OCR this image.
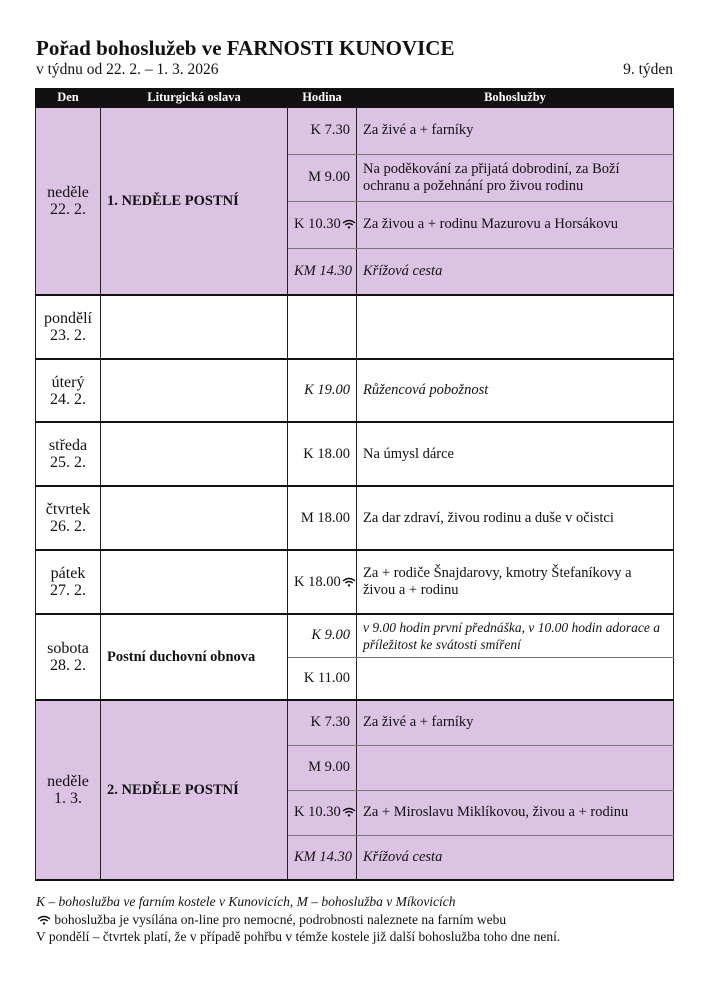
Pořad bohoslužeb ve FARNOSTI KUNOVICE
v týdnu od 22. 2. – 1. 3. 2026	9. týden
Den	Liturgická oslava	Hodina	Bohoslužby

neděle
22. 2.	1. NEDĚLE POSTNÍ	K 7.30	Za živé a + farníky
		M 9.00	Na poděkování za přijatá dobrodiní, za Boží ochranu a požehnání pro živou rodinu
		K 10.30	Za živou a + rodinu Mazurovu a Horsákovu
		KM 14.30	Křížová cesta

pondělí
23. 2.			

úterý
24. 2.		K 19.00	Růžencová pobožnost

středa
25. 2.		K 18.00	Na úmysl dárce

čtvrtek
26. 2.		M 18.00	Za dar zdraví, živou rodinu a duše v očistci

pátek
27. 2.		K 18.00	Za + rodiče Šnajdarovy, kmotry Štefaníkovy a živou a + rodinu

sobota
28. 2.	Postní duchovní obnova	K 9.00	v 9.00 hodin první přednáška, v 10.00 hodin adorace a příležitost ke svátosti smíření
		K 11.00	

neděle
1. 3.	2. NEDĚLE POSTNÍ	K 7.30	Za živé a + farníky
		M 9.00	
		K 10.30	Za + Miroslavu Miklíkovou, živou a + rodinu
		KM 14.30	Křížová cesta
K – bohoslužba ve farním kostele v Kunovicích, M – bohoslužba v Míkovicích
bohoslužba je vysílána on-line pro nemocné, podrobnosti naleznete na farním webu
V pondělí – čtvrtek platí, že v případě pohřbu v témže kostele již další bohoslužba toho dne není.
